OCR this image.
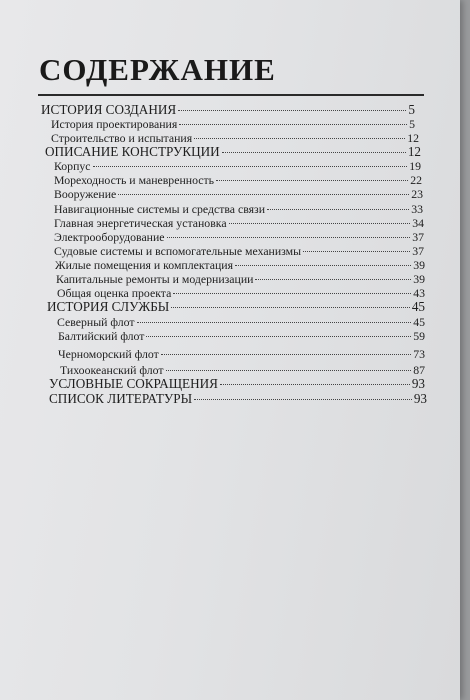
СОДЕРЖАНИЕ
ИСТОРИЯ СОЗДАНИЯ	5
История проектирования	5
Строительство и испытания	12
ОПИСАНИЕ КОНСТРУКЦИИ	12
Корпус	19
Мореходность и маневренность	22
Вооружение	23
Навигационные системы и средства связи	33
Главная энергетическая установка	34
Электрооборудование	37
Судовые системы и вспомогательные механизмы	37
Жилые помещения и комплектация	39
Капитальные ремонты и модернизации	39
Общая оценка проекта	43
ИСТОРИЯ СЛУЖБЫ	45
Северный флот	45
Балтийский флот	59
Черноморский флот	73
Тихоокеанский флот	87
УСЛОВНЫЕ СОКРАЩЕНИЯ	93
СПИСОК ЛИТЕРАТУРЫ	93
